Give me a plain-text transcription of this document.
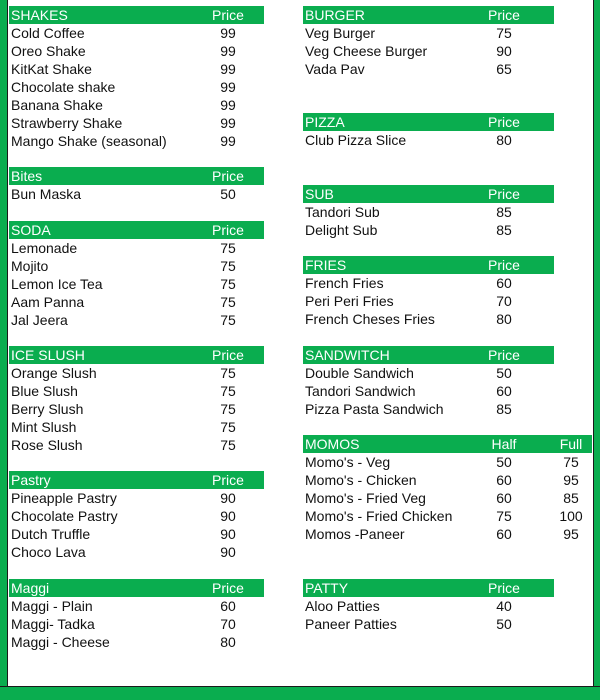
SHAKES	Price
Cold Coffee	99
Oreo Shake	99
KitKat Shake	99
Chocolate shake	99
Banana Shake	99
Strawberry Shake	99
Mango Shake (seasonal)	99
Bites	Price
Bun Maska	50
SODA	Price
Lemonade	75
Mojito	75
Lemon Ice Tea	75
Aam Panna	75
Jal Jeera	75
ICE SLUSH	Price
Orange Slush	75
Blue Slush	75
Berry Slush	75
Mint Slush	75
Rose Slush	75
Pastry	Price
Pineapple Pastry	90
Chocolate Pastry	90
Dutch Truffle	90
Choco Lava	90
Maggi	Price
Maggi - Plain	60
Maggi- Tadka	70
Maggi - Cheese	80
BURGER	Price
Veg Burger	75
Veg Cheese Burger	90
Vada Pav	65
PIZZA	Price
Club Pizza Slice	80
SUB	Price
Tandori Sub	85
Delight Sub	85
FRIES	Price
French Fries	60
Peri Peri Fries	70
French Cheses Fries	80
SANDWITCH	Price
Double Sandwich	50
Tandori Sandwich	60
Pizza Pasta Sandwich	85
MOMOS	Half	Full
Momo's - Veg	50	75
Momo's - Chicken	60	95
Momo's - Fried Veg	60	85
Momo's - Fried Chicken	75	100
Momos -Paneer	60	95
PATTY	Price
Aloo Patties	40
Paneer Patties	50
